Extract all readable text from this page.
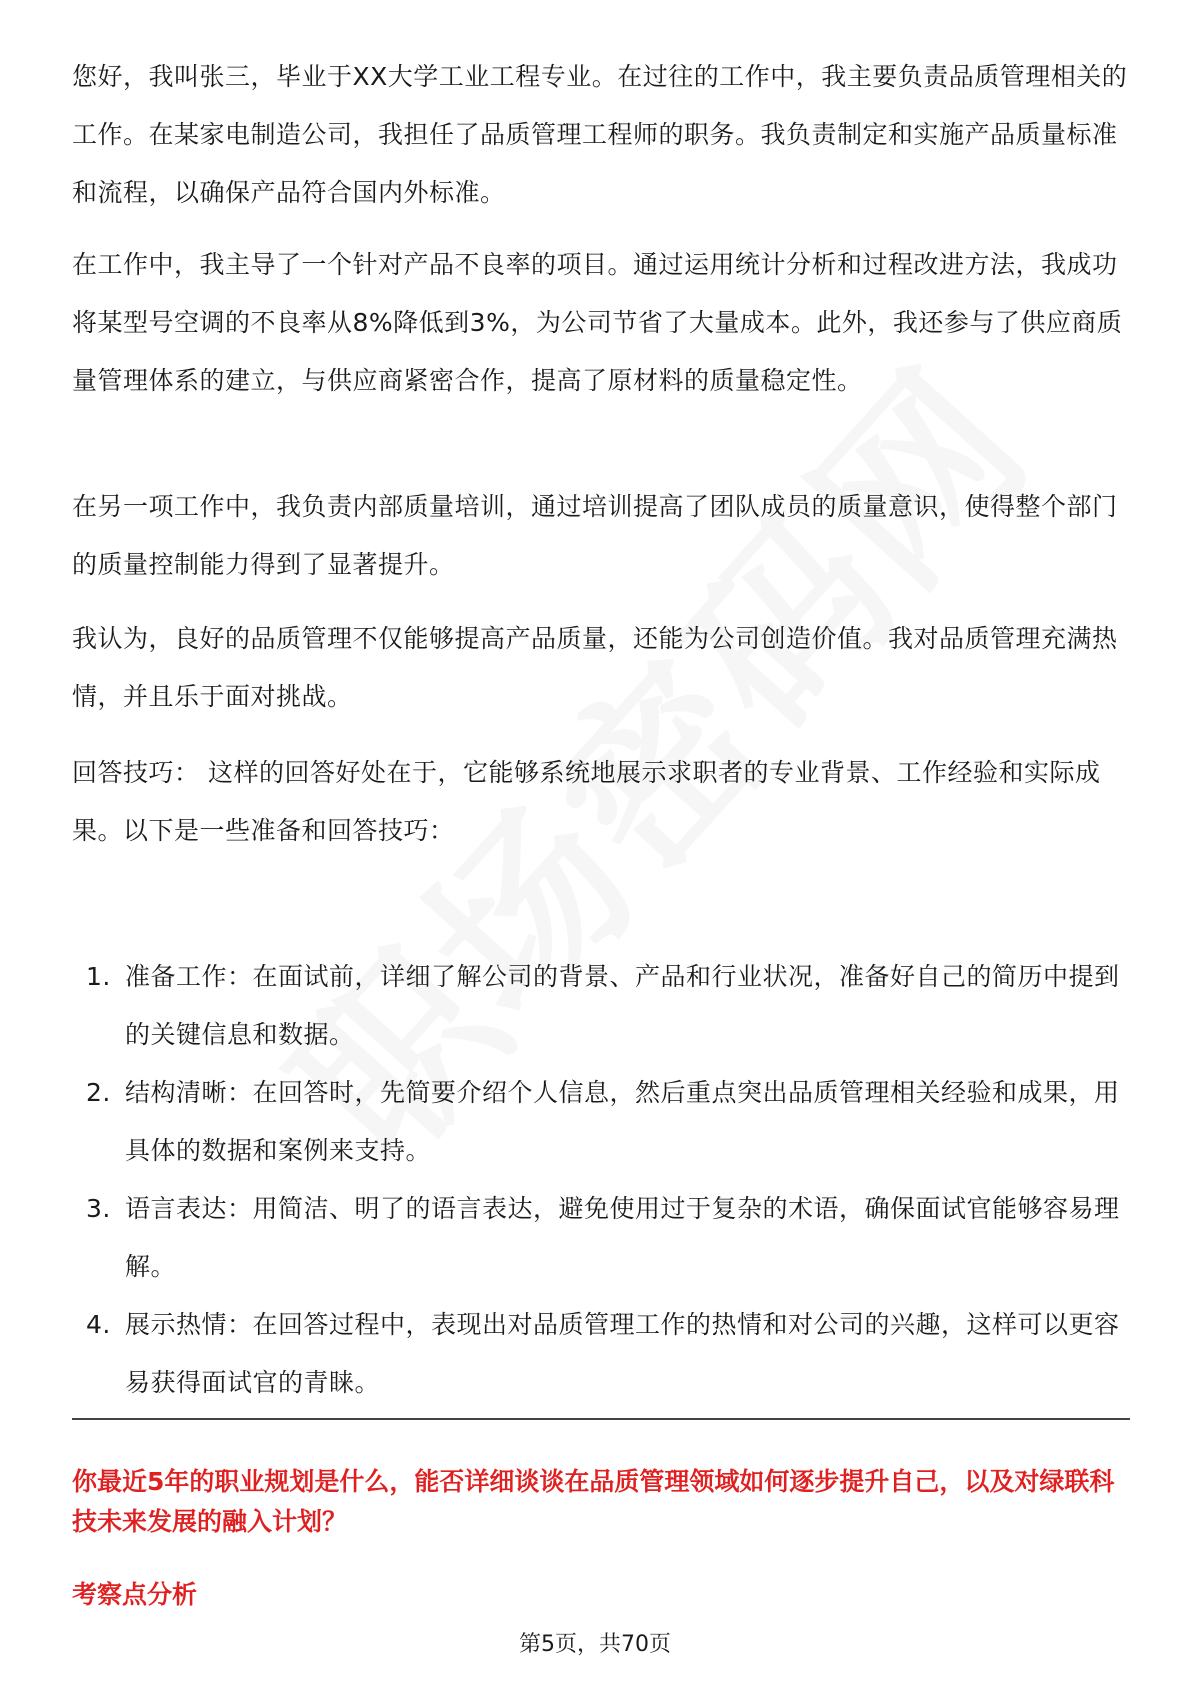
您好，我叫张三，毕业于XX大学工业工程专业。在过往的工作中，我主要负责品质管理相关的工作。在某家电制造公司，我担任了品质管理工程师的职务。我负责制定和实施产品质量标准和流程，以确保产品符合国内外标准。

在工作中，我主导了一个针对产品不良率的项目。通过运用统计分析和过程改进方法，我成功将某型号空调的不良率从8%降低到3%，为公司节省了大量成本。此外，我还参与了供应商质量管理体系的建立，与供应商紧密合作，提高了原材料的质量稳定性。

在另一项工作中，我负责内部质量培训，通过培训提高了团队成员的质量意识，使得整个部门的质量控制能力得到了显著提升。

我认为，良好的品质管理不仅能够提高产品质量，还能为公司创造价值。我对品质管理充满热情，并且乐于面对挑战。

回答技巧： 这样的回答好处在于，它能够系统地展示求职者的专业背景、工作经验和实际成果。以下是一些准备和回答技巧：

1. 准备工作：在面试前，详细了解公司的背景、产品和行业状况，准备好自己的简历中提到的关键信息和数据。
2. 结构清晰：在回答时，先简要介绍个人信息，然后重点突出品质管理相关经验和成果，用具体的数据和案例来支持。
3. 语言表达：用简洁、明了的语言表达，避免使用过于复杂的术语，确保面试官能够容易理解。
4. 展示热情：在回答过程中，表现出对品质管理工作的热情和对公司的兴趣，这样可以更容易获得面试官的青睐。

你最近5年的职业规划是什么，能否详细谈谈在品质管理领域如何逐步提升自己，以及对绿联科技未来发展的融入计划？

考察点分析

第5页，共70页
